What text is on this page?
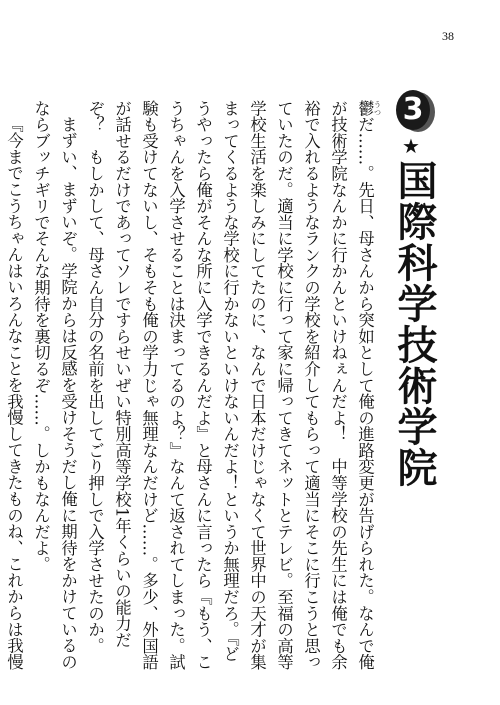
38
3
★
国際科学技術学院

鬱 うつだ……。先日、母さんから突如として俺の進路変更が告げられた。なんで俺が技術学院なんかに行かんといけねぇんだよ！　中等学校の先生には俺でも余裕で入れるようなランクの学校を紹介してもらって適当にそこに行こうと思っていたのだ。適当に学校に行って家に帰ってきてネットとテレビ。至福の高等学校生活を楽しみにしてたのに、なんで日本だけじゃなくて世界中の天才が集まってくるような学校に行かないといけないんだよ！というか無理だろ。『どうやったら俺がそんな所に入学できるんだよ』と母さんに言ったら『もう、こうちゃんを入学させることは決まってるのよ？』なんて返されてしまった。試験も受けてないし、そもそも俺の学力じゃ無理なんだけど……。多少、外国語が話せるだけであってソレですらせいぜい特別高等学校1年くらいの能力だぞ？　もしかして、母さん自分の名前を出してごり押しで入学させたのか。

まずい、まずいぞ。学院からは反感を受けそうだし俺に期待をかけているのならブッチギリでそんな期待を裏切るぞ……。しかもなんだよ。

『今までこうちゃんはいろんなことを我慢してきたものね、これからは我慢
